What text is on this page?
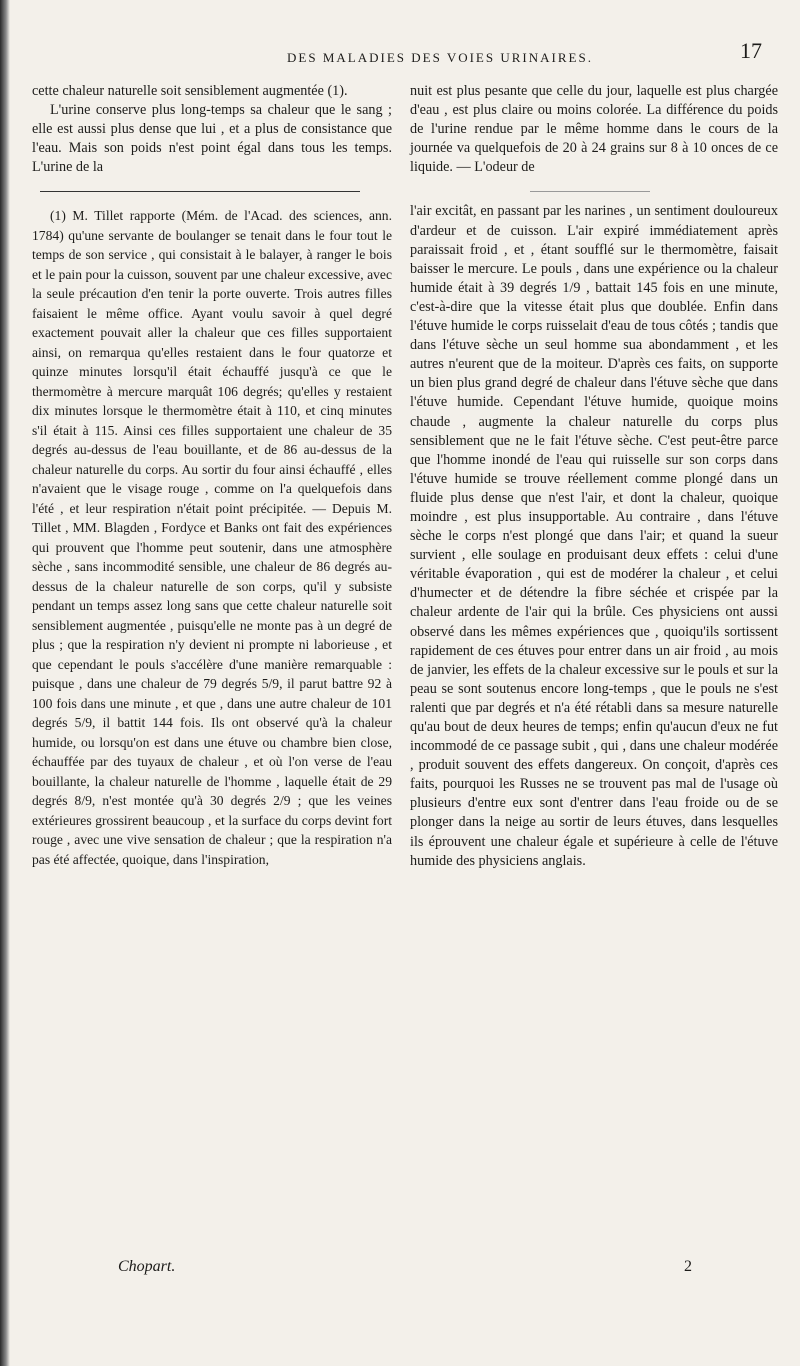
DES MALADIES DES VOIES URINAIRES.	17

cette chaleur naturelle soit sensiblement augmentée (1).

L'urine conserve plus long-temps sa chaleur que le sang ; elle est aussi plus dense que lui , et a plus de consistance que l'eau. Mais son poids n'est point égal dans tous les temps. L'urine de la

(1) M. Tillet rapporte (Mém. de l'Acad. des sciences, ann. 1784) qu'une servante de boulanger se tenait dans le four tout le temps de son service , qui consistait à le balayer, à ranger le bois et le pain pour la cuisson, souvent par une chaleur excessive, avec la seule précaution d'en tenir la porte ouverte. Trois autres filles faisaient le même office. Ayant voulu savoir à quel degré exactement pouvait aller la chaleur que ces filles supportaient ainsi, on remarqua qu'elles restaient dans le four quatorze et quinze minutes lorsqu'il était échauffé jusqu'à ce que le thermomètre à mercure marquât 106 degrés; qu'elles y restaient dix minutes lorsque le thermomètre était à 110, et cinq minutes s'il était à 115. Ainsi ces filles supportaient une chaleur de 35 degrés au-dessus de l'eau bouillante, et de 86 au-dessus de la chaleur naturelle du corps. Au sortir du four ainsi échauffé , elles n'avaient que le visage rouge , comme on l'a quelquefois dans l'été , et leur respiration n'était point précipitée. — Depuis M. Tillet , MM. Blagden , Fordyce et Banks ont fait des expériences qui prouvent que l'homme peut soutenir, dans une atmosphère sèche , sans incommodité sensible, une chaleur de 86 degrés au-dessus de la chaleur naturelle de son corps, qu'il y subsiste pendant un temps assez long sans que cette chaleur naturelle soit sensiblement augmentée , puisqu'elle ne monte pas à un degré de plus ; que la respiration n'y devient ni prompte ni laborieuse , et que cependant le pouls s'accélère d'une manière remarquable : puisque , dans une chaleur de 79 degrés 5/9, il parut battre 92 à 100 fois dans une minute , et que , dans une autre chaleur de 101 degrés 5/9, il battit 144 fois. Ils ont observé qu'à la chaleur humide, ou lorsqu'on est dans une étuve ou chambre bien close, échauffée par des tuyaux de chaleur , et où l'on verse de l'eau bouillante, la chaleur naturelle de l'homme , laquelle était de 29 degrés 8/9, n'est montée qu'à 30 degrés 2/9 ; que les veines extérieures grossirent beaucoup , et la surface du corps devint fort rouge , avec une vive sensation de chaleur ; que la respiration n'a pas été affectée, quoique, dans l'inspiration,

nuit est plus pesante que celle du jour, laquelle est plus chargée d'eau , est plus claire ou moins colorée. La différence du poids de l'urine rendue par le même homme dans le cours de la journée va quelquefois de 20 à 24 grains sur 8 à 10 onces de ce liquide. — L'odeur de

l'air excitât, en passant par les narines , un sentiment douloureux d'ardeur et de cuisson. L'air expiré immédiatement après paraissait froid , et , étant soufflé sur le thermomètre, faisait baisser le mercure. Le pouls , dans une expérience ou la chaleur humide était à 39 degrés 1/9 , battait 145 fois en une minute, c'est-à-dire que la vitesse était plus que doublée. Enfin dans l'étuve humide le corps ruisselait d'eau de tous côtés ; tandis que dans l'étuve sèche un seul homme sua abondamment , et les autres n'eurent que de la moiteur. D'après ces faits, on supporte un bien plus grand degré de chaleur dans l'étuve sèche que dans l'étuve humide. Cependant l'étuve humide, quoique moins chaude , augmente la chaleur naturelle du corps plus sensiblement que ne le fait l'étuve sèche. C'est peut-être parce que l'homme inondé de l'eau qui ruisselle sur son corps dans l'étuve humide se trouve réellement comme plongé dans un fluide plus dense que n'est l'air, et dont la chaleur, quoique moindre , est plus insupportable. Au contraire , dans l'étuve sèche le corps n'est plongé que dans l'air; et quand la sueur survient , elle soulage en produisant deux effets : celui d'une véritable évaporation , qui est de modérer la chaleur , et celui d'humecter et de détendre la fibre séchée et crispée par la chaleur ardente de l'air qui la brûle. Ces physiciens ont aussi observé dans les mêmes expériences que , quoiqu'ils sortissent rapidement de ces étuves pour entrer dans un air froid , au mois de janvier, les effets de la chaleur excessive sur le pouls et sur la peau se sont soutenus encore long-temps , que le pouls ne s'est ralenti que par degrés et n'a été rétabli dans sa mesure naturelle qu'au bout de deux heures de temps; enfin qu'aucun d'eux ne fut incommodé de ce passage subit , qui , dans une chaleur modérée , produit souvent des effets dangereux. On conçoit, d'après ces faits, pourquoi les Russes ne se trouvent pas mal de l'usage où plusieurs d'entre eux sont d'entrer dans l'eau froide ou de se plonger dans la neige au sortir de leurs étuves, dans lesquelles ils éprouvent une chaleur égale et supérieure à celle de l'étuve humide des physiciens anglais.

Chopart.	2
